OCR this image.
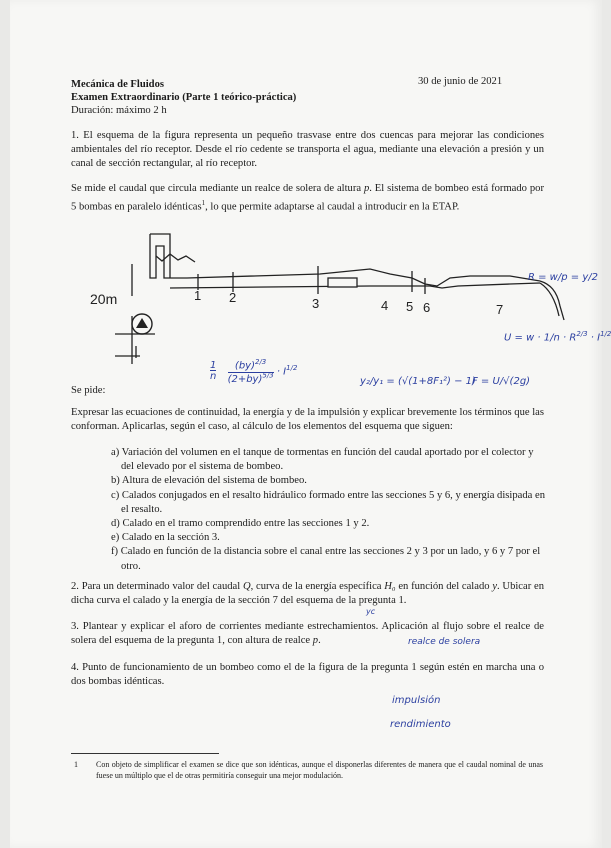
Mecánica de Fluidos	30 de junio de 2021
Examen Extraordinario (Parte 1 teórico-práctica)
Duración: máximo 2 h
1. El esquema de la figura representa un pequeño trasvase entre dos cuencas para mejorar las condiciones ambientales del río receptor. Desde el río cedente se transporta el agua, mediante una elevación a presión y un canal de sección rectangular, al río receptor.
Se mide el caudal que circula mediante un realce de solera de altura p. El sistema de bombeo está formado por 5 bombas en paralelo idénticas$^1$, lo que permite adaptarse al caudal a introducir en la ETAP.
20m	1 2	3	4 5 6	7
R = w/p = y/2
$U = w \cdot 1/n \cdot R^{2/3} \cdot I^{1/2}$
$\frac{1}{n} (by)^{2/3}$
$(2+by)^{5/3} \cdot I^{1/2}$
y₂/y₁ = (√(1+8F₁²) − 1)
F = U/√(2g)
Se pide:
Expresar las ecuaciones de continuidad, la energía y de la impulsión y explicar brevemente los términos que las conforman. Aplicarlas, según el caso, al cálculo de los elementos del esquema que siguen:
a) Variación del volumen en el tanque de tormentas en función del caudal aportado por el colector y del elevado por el sistema de bombeo.
b) Altura de elevación del sistema de bombeo.
c) Calados conjugados en el resalto hidráulico formado entre las secciones 5 y 6, y energía disipada en el resalto.
d) Calado en el tramo comprendido entre las secciones 1 y 2.
e) Calado en la sección 3.
f) Calado en función de la distancia sobre el canal entre las secciones 2 y 3 por un lado, y 6 y 7 por el otro.
2. Para un determinado valor del caudal Q, curva de la energía específica H₀ en función del calado y. Ubicar en dicha curva el calado y la energía de la sección 7 del esquema de la pregunta 1.
yc
3. Plantear y explicar el aforo de corrientes mediante estrechamientos. Aplicación al flujo sobre el realce de solera del esquema de la pregunta 1, con altura de realce p.	realce de solera
4. Punto de funcionamiento de un bombeo como el de la figura de la pregunta 1 según estén en marcha una o dos bombas idénticas.
impulsión
rendimiento
1 Con objeto de simplificar el examen se dice que son idénticas, aunque el disponerlas diferentes de manera que el caudal nominal de unas fuese un múltiplo que el de otras permitiría conseguir una mejor modulación.
